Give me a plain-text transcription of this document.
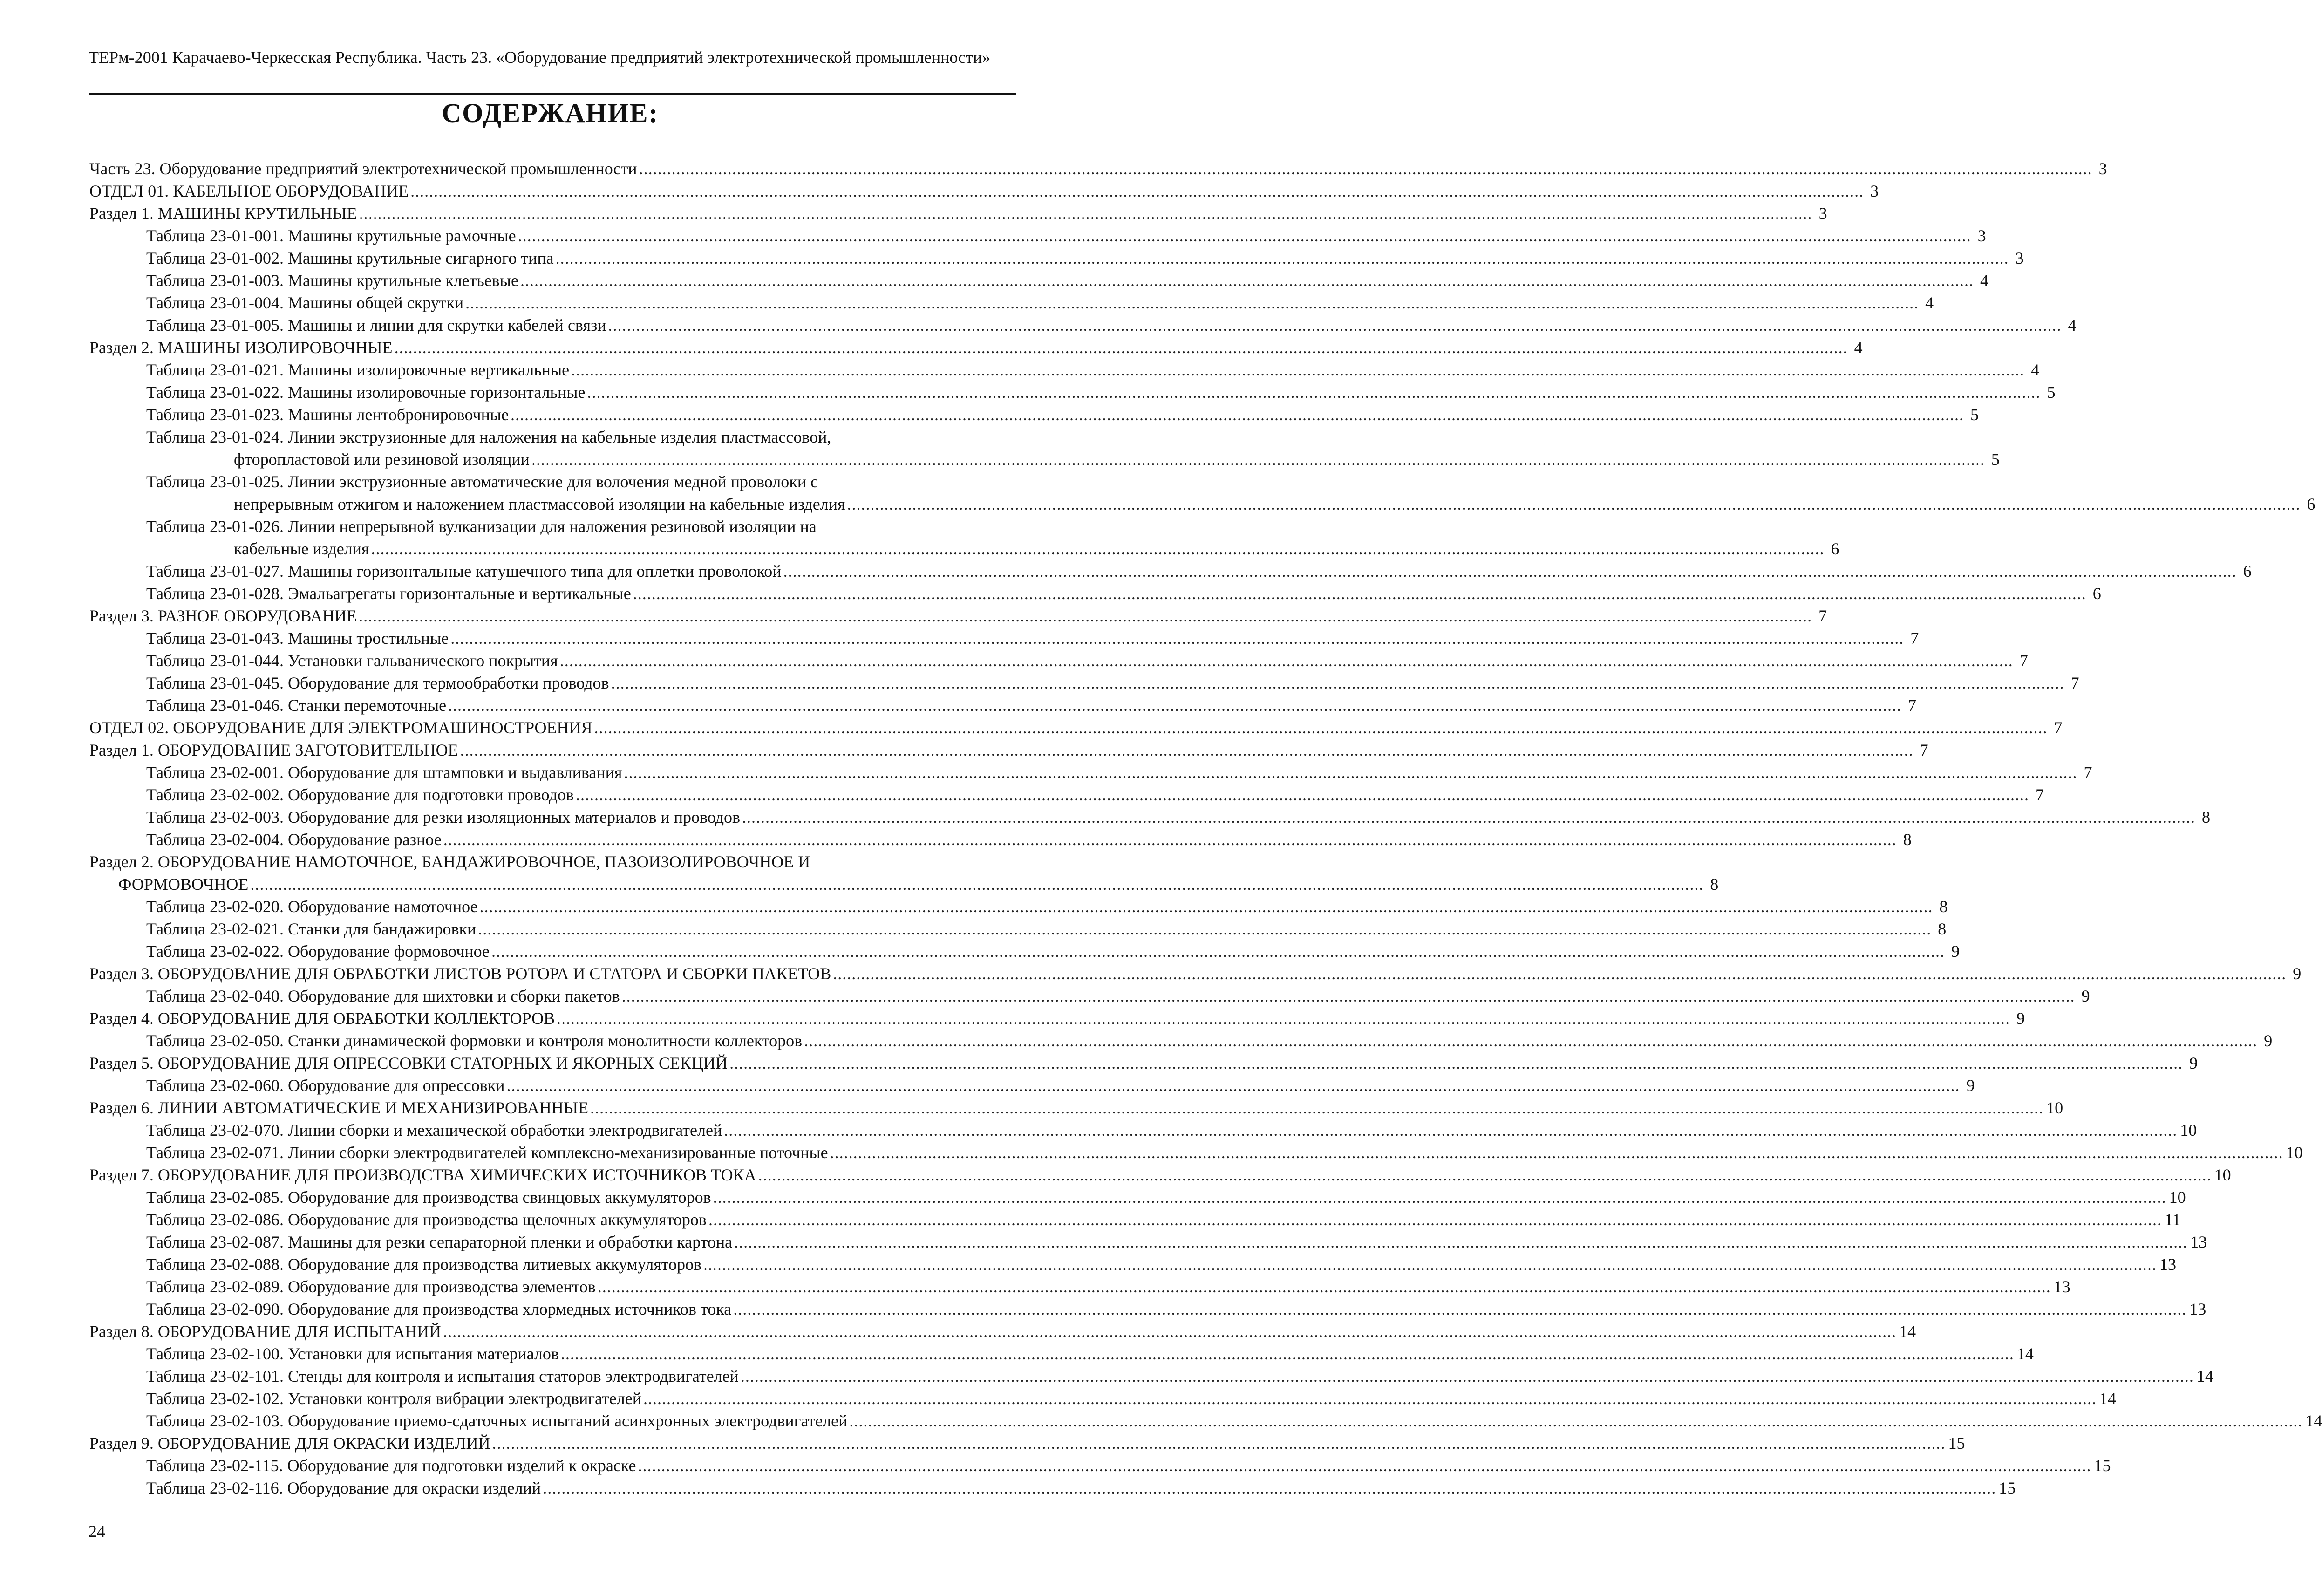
ТЕРм-2001 Карачаево-Черкесская Республика. Часть 23. «Оборудование предприятий электротехнической промышленности»
СОДЕРЖАНИЕ:
Часть 23. Оборудование предприятий электротехнической промышленности ........................................................................................................................................................................................................................................................................................................................ 3
ОТДЕЛ 01. КАБЕЛЬНОЕ ОБОРУДОВАНИЕ ........................................................................................................................................................................................................................................................................................................................ 3
Раздел 1. МАШИНЫ КРУТИЛЬНЫЕ ........................................................................................................................................................................................................................................................................................................................ 3
Таблица 23-01-001. Машины крутильные рамочные ........................................................................................................................................................................................................................................................................................................................ 3
Таблица 23-01-002. Машины крутильные сигарного типа ........................................................................................................................................................................................................................................................................................................................ 3
Таблица 23-01-003. Машины крутильные клетьевые ........................................................................................................................................................................................................................................................................................................................ 4
Таблица 23-01-004. Машины общей скрутки ........................................................................................................................................................................................................................................................................................................................ 4
Таблица 23-01-005. Машины и линии для скрутки кабелей связи ........................................................................................................................................................................................................................................................................................................................ 4
Раздел 2. МАШИНЫ ИЗОЛИРОВОЧНЫЕ ........................................................................................................................................................................................................................................................................................................................ 4
Таблица 23-01-021. Машины изолировочные вертикальные ........................................................................................................................................................................................................................................................................................................................ 4
Таблица 23-01-022. Машины изолировочные горизонтальные ........................................................................................................................................................................................................................................................................................................................ 5
Таблица 23-01-023. Машины лентобронировочные ........................................................................................................................................................................................................................................................................................................................ 5
Таблица 23-01-024. Линии экструзионные для наложения на кабельные изделия пластмассовой,
фторопластовой или резиновой изоляции ........................................................................................................................................................................................................................................................................................................................ 5
Таблица 23-01-025. Линии экструзионные автоматические для волочения медной проволоки с
непрерывным отжигом и наложением пластмассовой изоляции на кабельные изделия ........................................................................................................................................................................................................................................................................................................................ 6
Таблица 23-01-026. Линии непрерывной вулканизации для наложения резиновой изоляции на
кабельные изделия ........................................................................................................................................................................................................................................................................................................................ 6
Таблица 23-01-027. Машины горизонтальные катушечного типа для оплетки проволокой ........................................................................................................................................................................................................................................................................................................................ 6
Таблица 23-01-028. Эмальагрегаты горизонтальные и вертикальные ........................................................................................................................................................................................................................................................................................................................ 6
Раздел 3. РАЗНОЕ ОБОРУДОВАНИЕ ........................................................................................................................................................................................................................................................................................................................ 7
Таблица 23-01-043. Машины тростильные ........................................................................................................................................................................................................................................................................................................................ 7
Таблица 23-01-044. Установки гальванического покрытия ........................................................................................................................................................................................................................................................................................................................ 7
Таблица 23-01-045. Оборудование для термообработки проводов ........................................................................................................................................................................................................................................................................................................................ 7
Таблица 23-01-046. Станки перемоточные ........................................................................................................................................................................................................................................................................................................................ 7
ОТДЕЛ 02. ОБОРУДОВАНИЕ ДЛЯ ЭЛЕКТРОМАШИНОСТРОЕНИЯ ........................................................................................................................................................................................................................................................................................................................ 7
Раздел 1. ОБОРУДОВАНИЕ ЗАГОТОВИТЕЛЬНОЕ ........................................................................................................................................................................................................................................................................................................................ 7
Таблица 23-02-001. Оборудование для штамповки и выдавливания ........................................................................................................................................................................................................................................................................................................................ 7
Таблица 23-02-002. Оборудование для подготовки проводов ........................................................................................................................................................................................................................................................................................................................ 7
Таблица 23-02-003. Оборудование для резки изоляционных материалов и проводов ........................................................................................................................................................................................................................................................................................................................ 8
Таблица 23-02-004. Оборудование разное ........................................................................................................................................................................................................................................................................................................................ 8
Раздел 2. ОБОРУДОВАНИЕ НАМОТОЧНОЕ, БАНДАЖИРОВОЧНОЕ, ПАЗОИЗОЛИРОВОЧНОЕ И
ФОРМОВОЧНОЕ ........................................................................................................................................................................................................................................................................................................................ 8
Таблица 23-02-020. Оборудование намоточное ........................................................................................................................................................................................................................................................................................................................ 8
Таблица 23-02-021. Станки для бандажировки ........................................................................................................................................................................................................................................................................................................................ 8
Таблица 23-02-022. Оборудование формовочное ........................................................................................................................................................................................................................................................................................................................ 9
Раздел 3. ОБОРУДОВАНИЕ ДЛЯ ОБРАБОТКИ ЛИСТОВ РОТОРА И СТАТОРА И СБОРКИ ПАКЕТОВ ........................................................................................................................................................................................................................................................................................................................ 9
Таблица 23-02-040. Оборудование для шихтовки и сборки пакетов ........................................................................................................................................................................................................................................................................................................................ 9
Раздел 4. ОБОРУДОВАНИЕ ДЛЯ ОБРАБОТКИ КОЛЛЕКТОРОВ ........................................................................................................................................................................................................................................................................................................................ 9
Таблица 23-02-050. Станки динамической формовки и контроля монолитности коллекторов ........................................................................................................................................................................................................................................................................................................................ 9
Раздел 5. ОБОРУДОВАНИЕ ДЛЯ ОПРЕССОВКИ СТАТОРНЫХ И ЯКОРНЫХ СЕКЦИЙ ........................................................................................................................................................................................................................................................................................................................ 9
Таблица 23-02-060. Оборудование для опрессовки ........................................................................................................................................................................................................................................................................................................................ 9
Раздел 6. ЛИНИИ АВТОМАТИЧЕСКИЕ И МЕХАНИЗИРОВАННЫЕ ........................................................................................................................................................................................................................................................................................................................ 10
Таблица 23-02-070. Линии сборки и механической обработки электродвигателей ........................................................................................................................................................................................................................................................................................................................ 10
Таблица 23-02-071. Линии сборки электродвигателей комплексно-механизированные поточные ........................................................................................................................................................................................................................................................................................................................ 10
Раздел 7. ОБОРУДОВАНИЕ ДЛЯ ПРОИЗВОДСТВА ХИМИЧЕСКИХ ИСТОЧНИКОВ ТОКА ........................................................................................................................................................................................................................................................................................................................ 10
Таблица 23-02-085. Оборудование для производства свинцовых аккумуляторов ........................................................................................................................................................................................................................................................................................................................ 10
Таблица 23-02-086. Оборудование для производства щелочных аккумуляторов ........................................................................................................................................................................................................................................................................................................................ 11
Таблица 23-02-087. Машины для резки сепараторной пленки и обработки картона ........................................................................................................................................................................................................................................................................................................................ 13
Таблица 23-02-088. Оборудование для производства литиевых аккумуляторов ........................................................................................................................................................................................................................................................................................................................ 13
Таблица 23-02-089. Оборудование для производства элементов ........................................................................................................................................................................................................................................................................................................................ 13
Таблица 23-02-090. Оборудование для производства хлормедных источников тока ........................................................................................................................................................................................................................................................................................................................ 13
Раздел 8. ОБОРУДОВАНИЕ ДЛЯ ИСПЫТАНИЙ ........................................................................................................................................................................................................................................................................................................................ 14
Таблица 23-02-100. Установки для испытания материалов ........................................................................................................................................................................................................................................................................................................................ 14
Таблица 23-02-101. Стенды для контроля и испытания статоров электродвигателей ........................................................................................................................................................................................................................................................................................................................ 14
Таблица 23-02-102. Установки контроля вибрации электродвигателей ........................................................................................................................................................................................................................................................................................................................ 14
Таблица 23-02-103. Оборудование приемо-сдаточных испытаний асинхронных электродвигателей ........................................................................................................................................................................................................................................................................................................................ 14
Раздел 9. ОБОРУДОВАНИЕ ДЛЯ ОКРАСКИ ИЗДЕЛИЙ ........................................................................................................................................................................................................................................................................................................................ 15
Таблица 23-02-115. Оборудование для подготовки изделий к окраске ........................................................................................................................................................................................................................................................................................................................ 15
Таблица 23-02-116. Оборудование для окраски изделий ........................................................................................................................................................................................................................................................................................................................ 15
24
